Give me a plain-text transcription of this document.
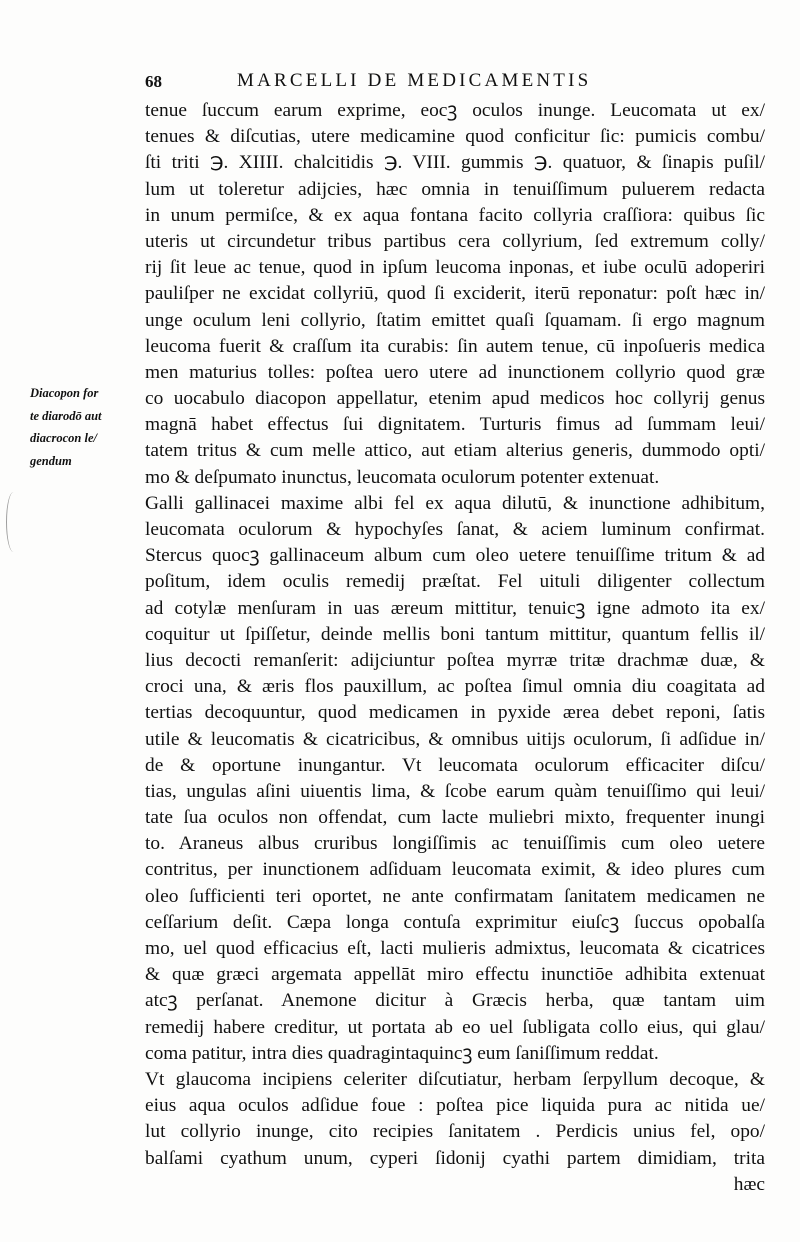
68	MARCELLI DE MEDICAMENTIS
Diacopon for
te diarodō aut
diacrocon le/
gendum
tenue ſuccum earum exprime, eocꝫ oculos inunge. Leucomata ut ex/
tenues & diſcutias, utere medicamine quod conficitur ſic: pumicis combu/
ſti triti ℈. XIIII. chalcitidis ℈. VIII. gummis ℈. quatuor, & ſinapis puſil/
lum ut toleretur adijcies, hæc omnia in tenuiſſimum puluerem redacta
in unum permiſce, & ex aqua fontana facito collyria craſſiora: quibus ſic
uteris ut circundetur tribus partibus cera collyrium, ſed extremum colly/
rij ſit leue ac tenue, quod in ipſum leucoma inponas, et iube oculū adoperiri
pauliſper ne excidat collyriū, quod ſi exciderit, iterū reponatur: poſt hæc in/
unge oculum leni collyrio, ſtatim emittet quaſi ſquamam. ſi ergo magnum
leucoma fuerit & craſſum ita curabis: ſin autem tenue, cū inpoſueris medica
men maturius tolles: poſtea uero utere ad inunctionem collyrio quod græ
co uocabulo diacopon appellatur, etenim apud medicos hoc collyrij genus
magnā habet effectus ſui dignitatem. Turturis fimus ad ſummam leui/
tatem tritus & cum melle attico, aut etiam alterius generis, dummodo opti/
mo & deſpumato inunctus, leucomata oculorum potenter extenuat.
Galli gallinacei maxime albi fel ex aqua dilutū, & inunctione adhibitum,
leucomata oculorum & hypochyſes ſanat, & aciem luminum confirmat.
Stercus quocꝫ gallinaceum album cum oleo uetere tenuiſſime tritum & ad
poſitum, idem oculis remedij præſtat. Fel uituli diligenter collectum
ad cotylæ menſuram in uas æreum mittitur, tenuicꝫ igne admoto ita ex/
coquitur ut ſpiſſetur, deinde mellis boni tantum mittitur, quantum fellis il/
lius decocti remanſerit: adijciuntur poſtea myrræ tritæ drachmæ duæ, &
croci una, & æris flos pauxillum, ac poſtea ſimul omnia diu coagitata ad
tertias decoquuntur, quod medicamen in pyxide ærea debet reponi, ſatis
utile & leucomatis & cicatricibus, & omnibus uitijs oculorum, ſi adſidue in/
de & oportune inungantur. Vt leucomata oculorum efficaciter diſcu/
tias, ungulas aſini uiuentis lima, & ſcobe earum quàm tenuiſſimo qui leui/
tate ſua oculos non offendat, cum lacte muliebri mixto, frequenter inungi
to. Araneus albus cruribus longiſſimis ac tenuiſſimis cum oleo uetere
contritus, per inunctionem adſiduam leucomata eximit, & ideo plures cum
oleo ſufficienti teri oportet, ne ante confirmatam ſanitatem medicamen ne
ceſſarium deſit. Cæpa longa contuſa exprimitur eiuſcꝫ ſuccus opobalſa
mo, uel quod efficacius eſt, lacti mulieris admixtus, leucomata & cicatrices
& quæ græci argemata appellāt miro effectu inunctiōe adhibita extenuat
atcꝫ perſanat. Anemone dicitur à Græcis herba, quæ tantam uim
remedij habere creditur, ut portata ab eo uel ſubligata collo eius, qui glau/
coma patitur, intra dies quadragintaquincꝫ eum ſaniſſimum reddat.
Vt glaucoma incipiens celeriter diſcutiatur, herbam ſerpyllum decoque, &
eius aqua oculos adſidue foue : poſtea pice liquida pura ac nitida ue/
lut collyrio inunge, cito recipies ſanitatem . Perdicis unius fel, opo/
balſami cyathum unum, cyperi ſidonij cyathi partem dimidiam, trita
hæc
